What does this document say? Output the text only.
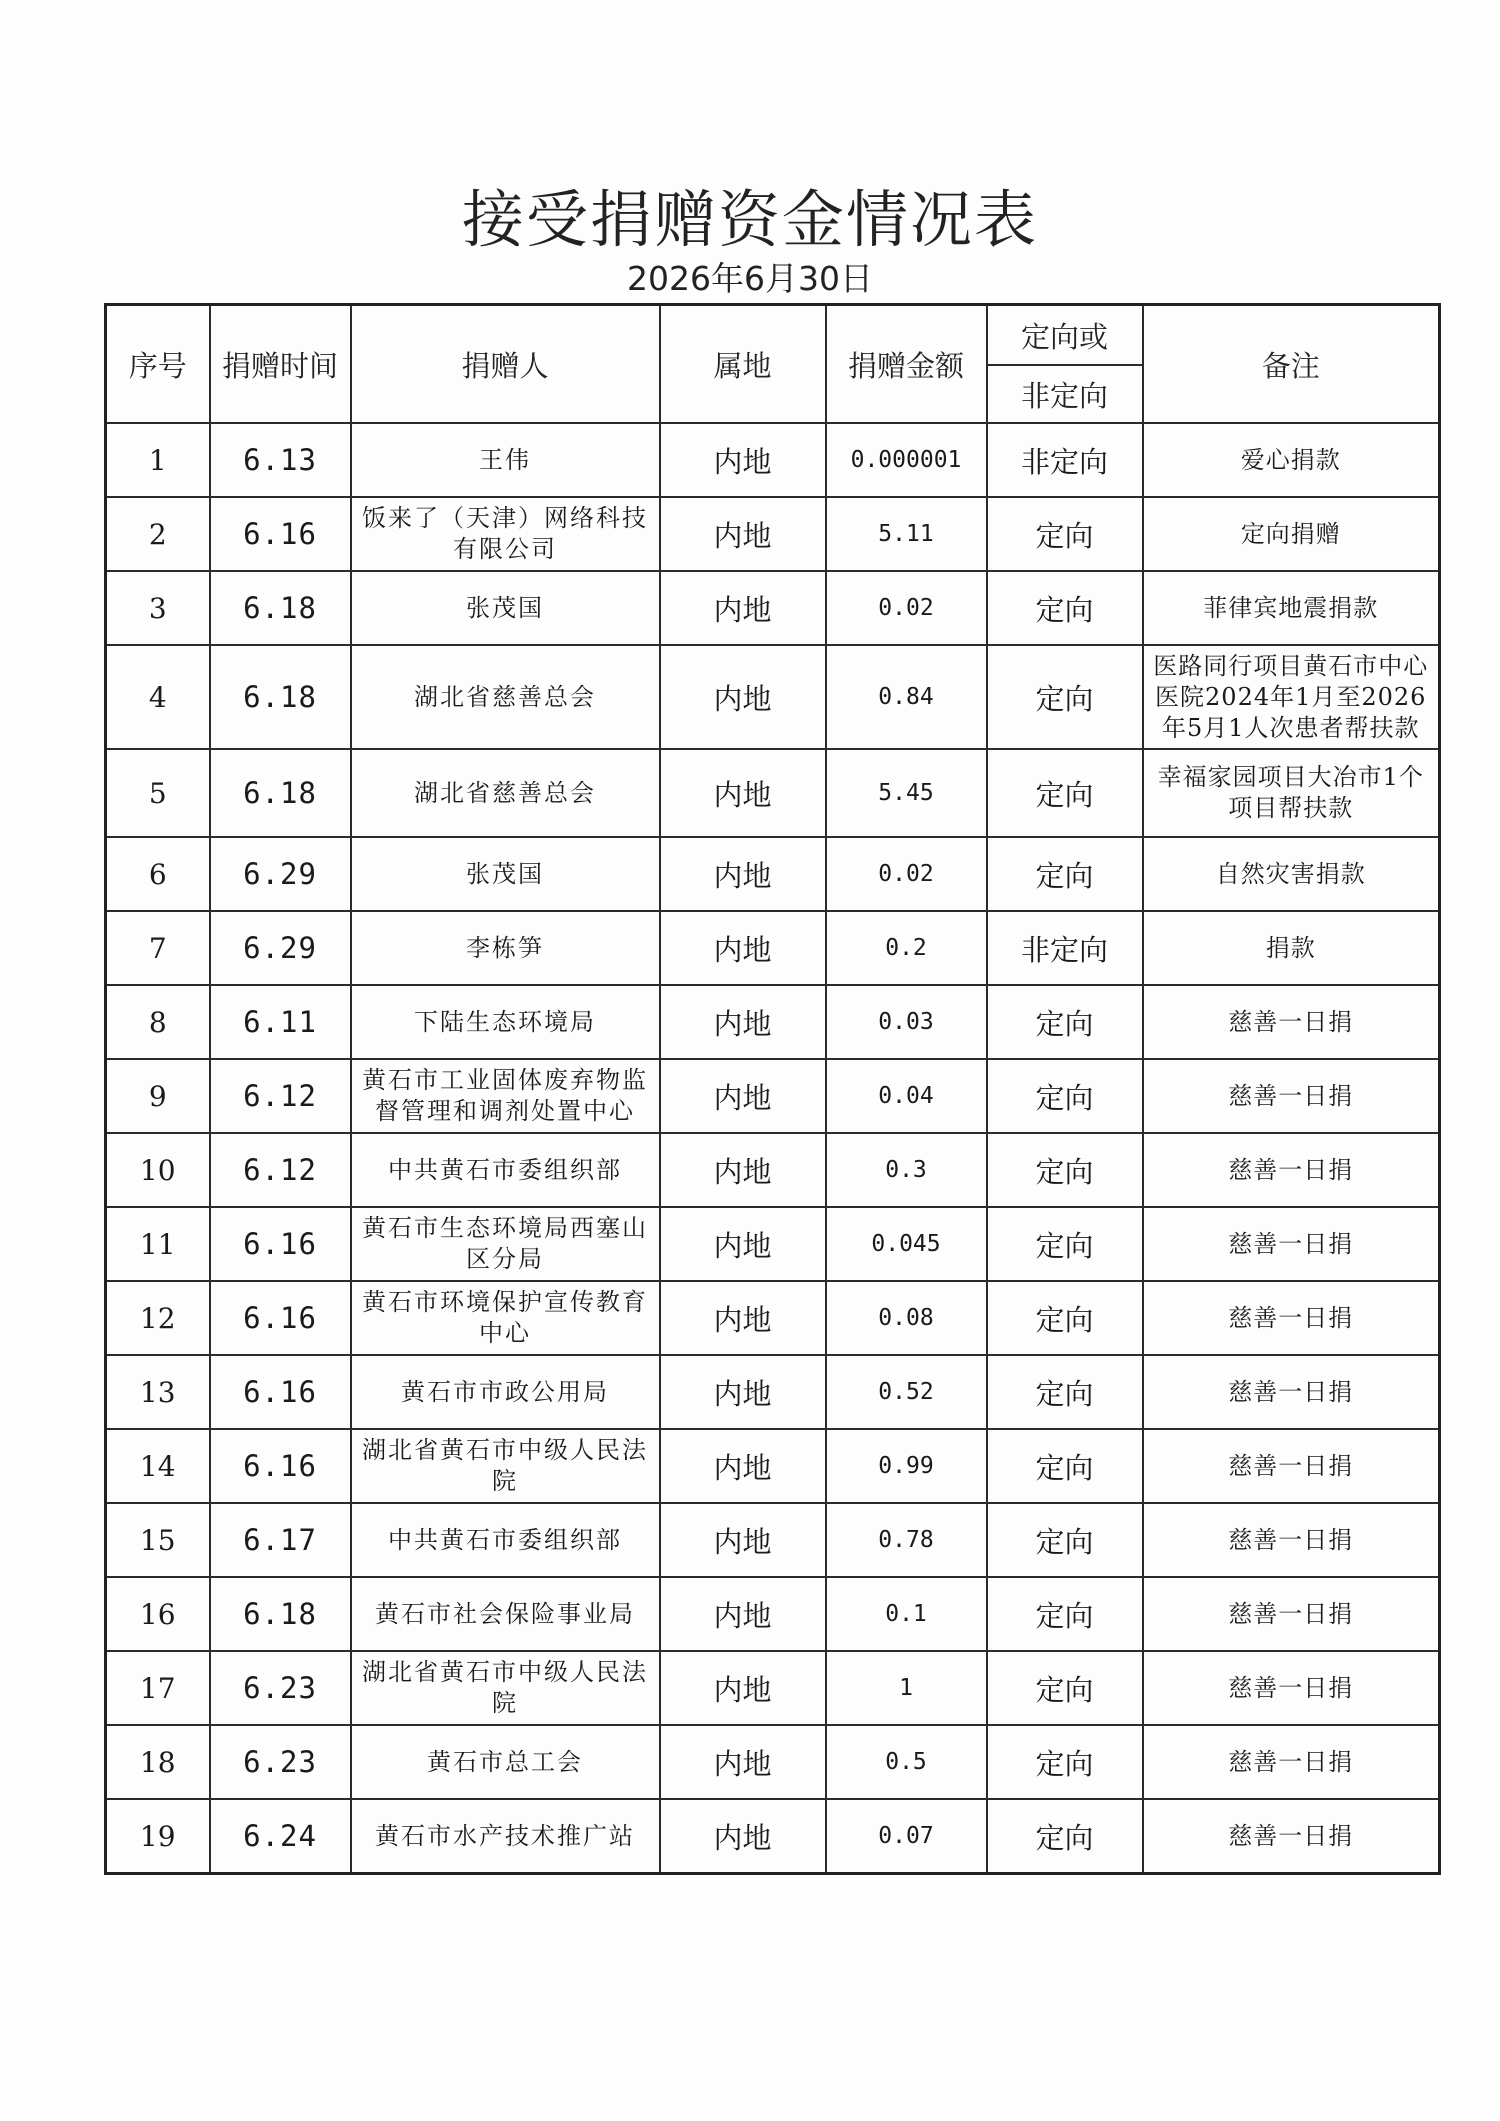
接受捐赠资金情况表
2026年6月30日
序号	捐赠时间	捐赠人	属地	捐赠金额	定向或	备注
					非定向	
1	6.13	王伟	内地	0.000001	非定向	爱心捐款
2	6.16	饭来了（天津）网络科技有限公司	内地	5.11	定向	定向捐赠
3	6.18	张茂国	内地	0.02	定向	菲律宾地震捐款
4	6.18	湖北省慈善总会	内地	0.84	定向	医路同行项目黄石市中心医院2024年1月至2026年5月1人次患者帮扶款
5	6.18	湖北省慈善总会	内地	5.45	定向	幸福家园项目大冶市1个项目帮扶款
6	6.29	张茂国	内地	0.02	定向	自然灾害捐款
7	6.29	李栋笋	内地	0.2	非定向	捐款
8	6.11	下陆生态环境局	内地	0.03	定向	慈善一日捐
9	6.12	黄石市工业固体废弃物监督管理和调剂处置中心	内地	0.04	定向	慈善一日捐
10	6.12	中共黄石市委组织部	内地	0.3	定向	慈善一日捐
11	6.16	黄石市生态环境局西塞山区分局	内地	0.045	定向	慈善一日捐
12	6.16	黄石市环境保护宣传教育中心	内地	0.08	定向	慈善一日捐
13	6.16	黄石市市政公用局	内地	0.52	定向	慈善一日捐
14	6.16	湖北省黄石市中级人民法院	内地	0.99	定向	慈善一日捐
15	6.17	中共黄石市委组织部	内地	0.78	定向	慈善一日捐
16	6.18	黄石市社会保险事业局	内地	0.1	定向	慈善一日捐
17	6.23	湖北省黄石市中级人民法院	内地	1	定向	慈善一日捐
18	6.23	黄石市总工会	内地	0.5	定向	慈善一日捐
19	6.24	黄石市水产技术推广站	内地	0.07	定向	慈善一日捐
